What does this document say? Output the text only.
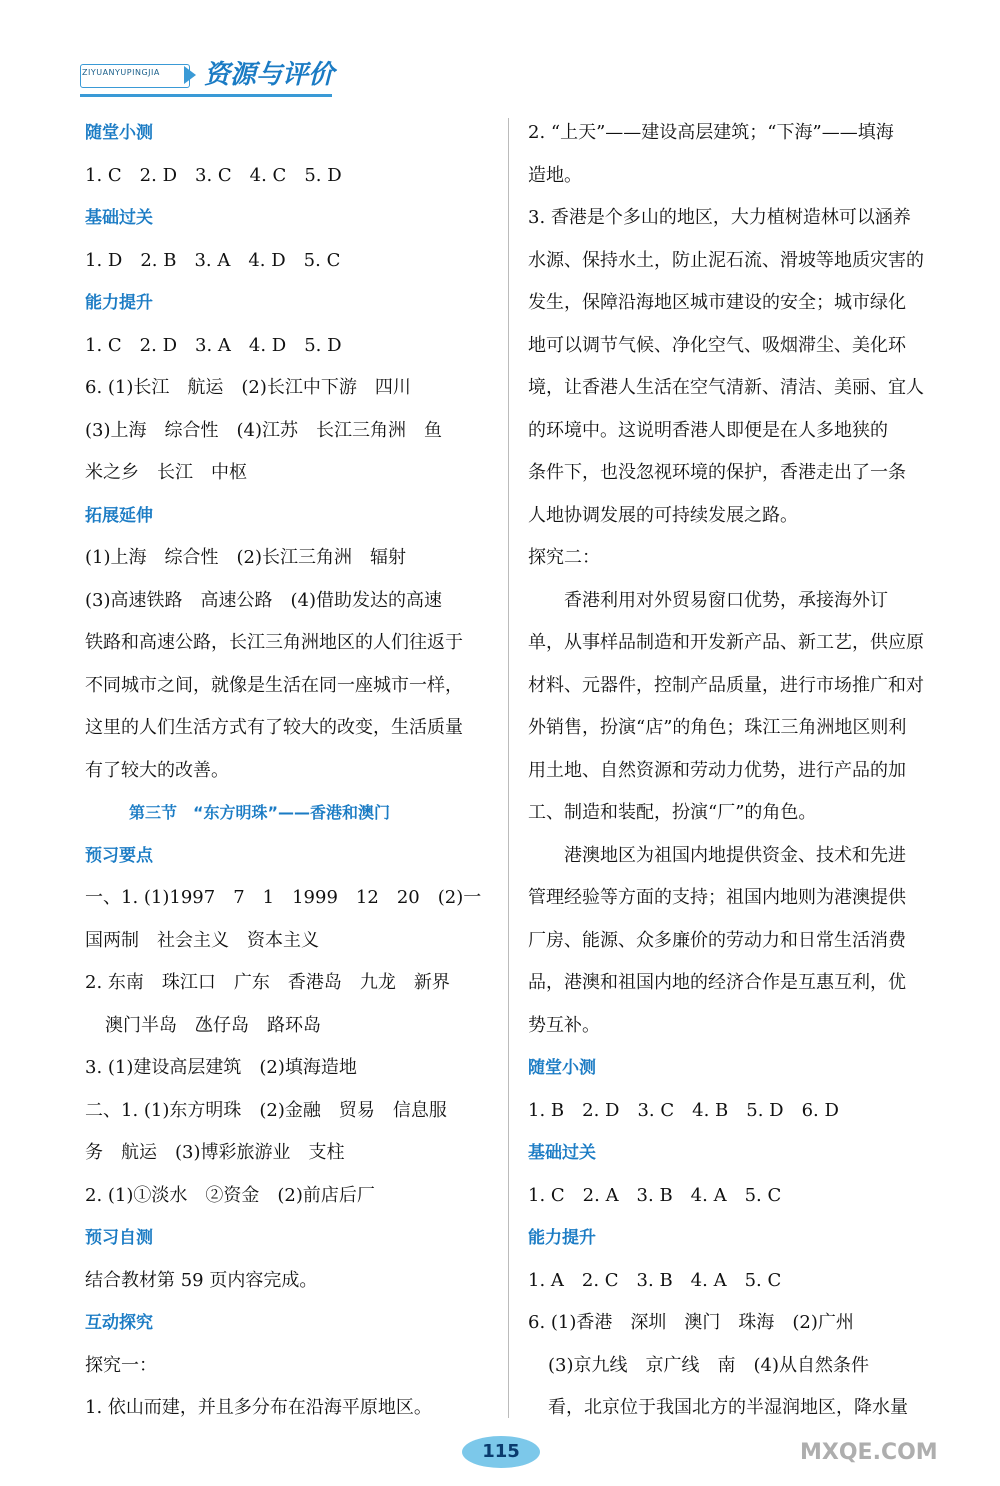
ZIYUANYUPINGJIA 资源与评价
随堂小测
1. C　2. D　3. C　4. C　5. D
基础过关
1. D　2. B　3. A　4. D　5. C
能力提升
1. C　2. D　3. A　4. D　5. D
6. (1)长江　航运　(2)长江中下游　四川
(3)上海　综合性　(4)江苏　长江三角洲　鱼
米之乡　长江　中枢
拓展延伸
(1)上海　综合性　(2)长江三角洲　辐射
(3)高速铁路　高速公路　(4)借助发达的高速
铁路和高速公路，长江三角洲地区的人们往返于
不同城市之间，就像是生活在同一座城市一样，
这里的人们生活方式有了较大的改变，生活质量
有了较大的改善。
第三节　“东方明珠”——香港和澳门
预习要点
一、1. (1)1997　7　1　1999　12　20　(2)一
国两制　社会主义　资本主义
2. 东南　珠江口　广东　香港岛　九龙　新界
澳门半岛　氹仔岛　路环岛
3. (1)建设高层建筑　(2)填海造地
二、1. (1)东方明珠　(2)金融　贸易　信息服
务　航运　(3)博彩旅游业　支柱
2. (1)①淡水　②资金　(2)前店后厂
预习自测
结合教材第 59 页内容完成。
互动探究
探究一：
1. 依山而建，并且多分布在沿海平原地区。
2. “上天”——建设高层建筑；“下海”——填海
造地。
3. 香港是个多山的地区，大力植树造林可以涵养
水源、保持水土，防止泥石流、滑坡等地质灾害的
发生，保障沿海地区城市建设的安全；城市绿化
地可以调节气候、净化空气、吸烟滞尘、美化环
境，让香港人生活在空气清新、清洁、美丽、宜人
的环境中。这说明香港人即便是在人多地狭的
条件下，也没忽视环境的保护，香港走出了一条
人地协调发展的可持续发展之路。
探究二：
香港利用对外贸易窗口优势，承接海外订
单，从事样品制造和开发新产品、新工艺，供应原
材料、元器件，控制产品质量，进行市场推广和对
外销售，扮演“店”的角色；珠江三角洲地区则利
用土地、自然资源和劳动力优势，进行产品的加
工、制造和装配，扮演“厂”的角色。
港澳地区为祖国内地提供资金、技术和先进
管理经验等方面的支持；祖国内地则为港澳提供
厂房、能源、众多廉价的劳动力和日常生活消费
品，港澳和祖国内地的经济合作是互惠互利，优
势互补。
随堂小测
1. B　2. D　3. C　4. B　5. D　6. D
基础过关
1. C　2. A　3. B　4. A　5. C
能力提升
1. A　2. C　3. B　4. A　5. C
6. (1)香港　深圳　澳门　珠海　(2)广州
(3)京九线　京广线　南　(4)从自然条件
看，北京位于我国北方的半湿润地区，降水量
115	MXQE.COM
